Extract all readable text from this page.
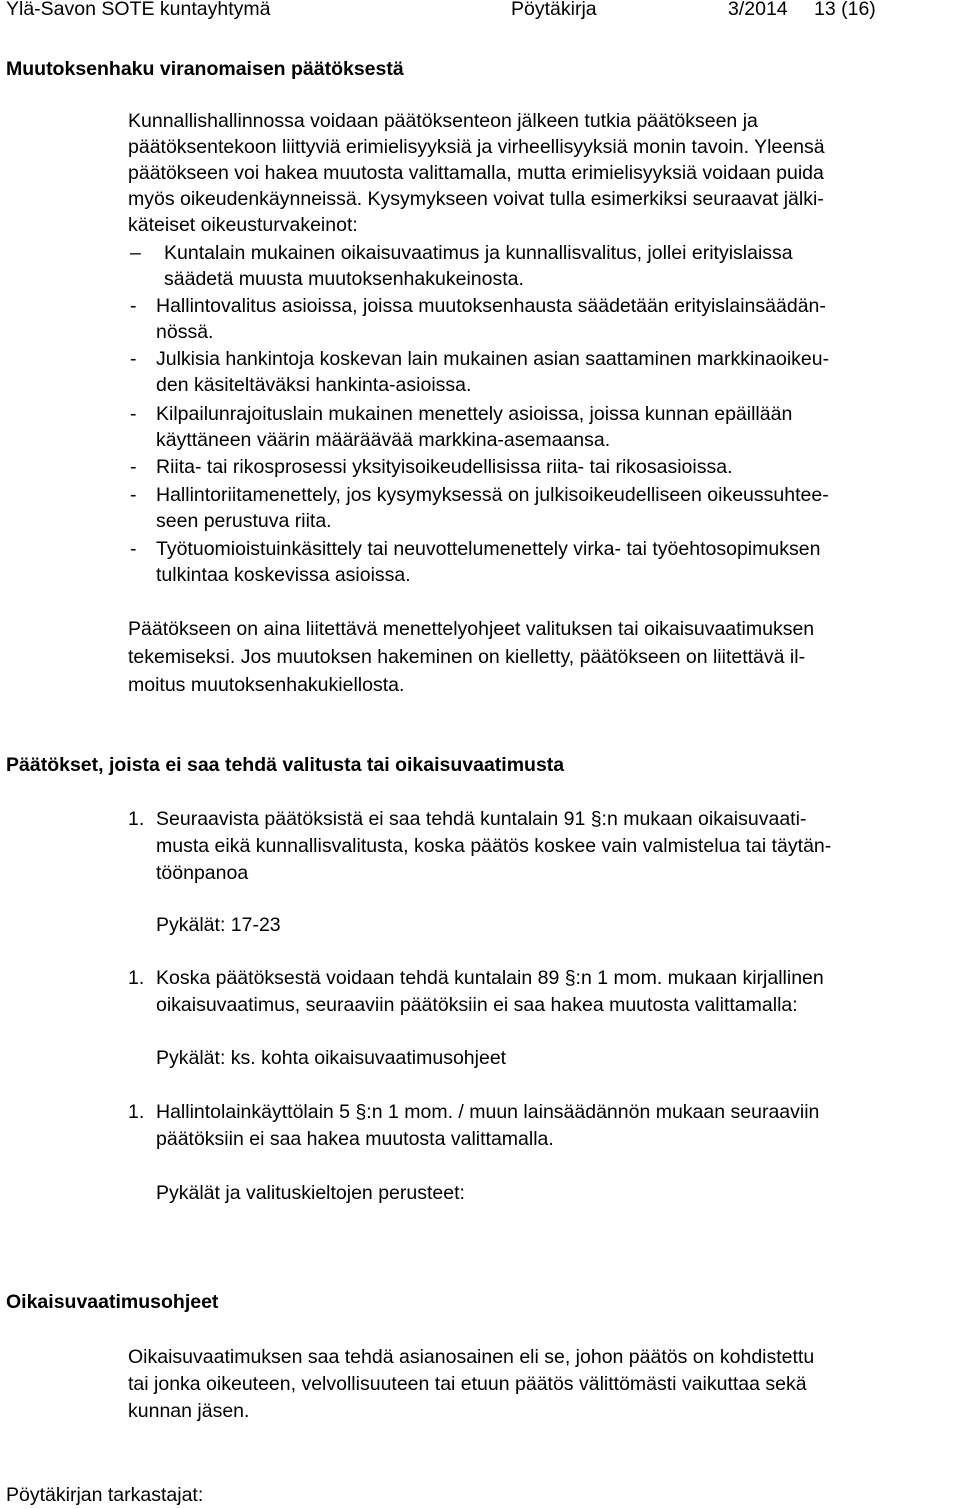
Ylä-Savon SOTE kuntayhtymä	Pöytäkirja	3/2014 13 (16)
Muutoksenhaku viranomaisen päätöksestä
Kunnallishallinnossa voidaan päätöksenteon jälkeen tutkia päätökseen ja
päätöksentekoon liittyviä erimielisyyksiä ja virheellisyyksiä monin tavoin. Yleensä
päätökseen voi hakea muutosta valittamalla, mutta erimielisyyksiä voidaan puida
myös oikeudenkäynneissä. Kysymykseen voivat tulla esimerkiksi seuraavat jälki-
käteiset oikeusturvakeinot:
– Kuntalain mukainen oikaisuvaatimus ja kunnallisvalitus, jollei erityislaissa
säädetä muusta muutoksenhakukeinosta.
- Hallintovalitus asioissa, joissa muutoksenhausta säädetään erityislainsäädän-
nössä.
- Julkisia hankintoja koskevan lain mukainen asian saattaminen markkinaoikeu-
den käsiteltäväksi hankinta-asioissa.
- Kilpailunrajoituslain mukainen menettely asioissa, joissa kunnan epäillään
käyttäneen väärin määräävää markkina-asemaansa.
- Riita- tai rikosprosessi yksityisoikeudellisissa riita- tai rikosasioissa.
- Hallintoriitamenettely, jos kysymyksessä on julkisoikeudelliseen oikeussuhtee-
seen perustuva riita.
- Työtuomioistuinkäsittely tai neuvottelumenettely virka- tai työehtosopimuksen
tulkintaa koskevissa asioissa.
Päätökseen on aina liitettävä menettelyohjeet valituksen tai oikaisuvaatimuksen
tekemiseksi. Jos muutoksen hakeminen on kielletty, päätökseen on liitettävä il-
moitus muutoksenhakukiellosta.
Päätökset, joista ei saa tehdä valitusta tai oikaisuvaatimusta
1. Seuraavista päätöksistä ei saa tehdä kuntalain 91 §:n mukaan oikaisuvaati-
musta eikä kunnallisvalitusta, koska päätös koskee vain valmistelua tai täytän-
töönpanoa
Pykälät: 17-23
1. Koska päätöksestä voidaan tehdä kuntalain 89 §:n 1 mom. mukaan kirjallinen
oikaisuvaatimus, seuraaviin päätöksiin ei saa hakea muutosta valittamalla:
Pykälät: ks. kohta oikaisuvaatimusohjeet
1. Hallintolainkäyttölain 5 §:n 1 mom. / muun lainsäädännön mukaan seuraaviin
päätöksiin ei saa hakea muutosta valittamalla.
Pykälät ja valituskieltojen perusteet:
Oikaisuvaatimusohjeet
Oikaisuvaatimuksen saa tehdä asianosainen eli se, johon päätös on kohdistettu
tai jonka oikeuteen, velvollisuuteen tai etuun päätös välittömästi vaikuttaa sekä
kunnan jäsen.
Pöytäkirjan tarkastajat:
